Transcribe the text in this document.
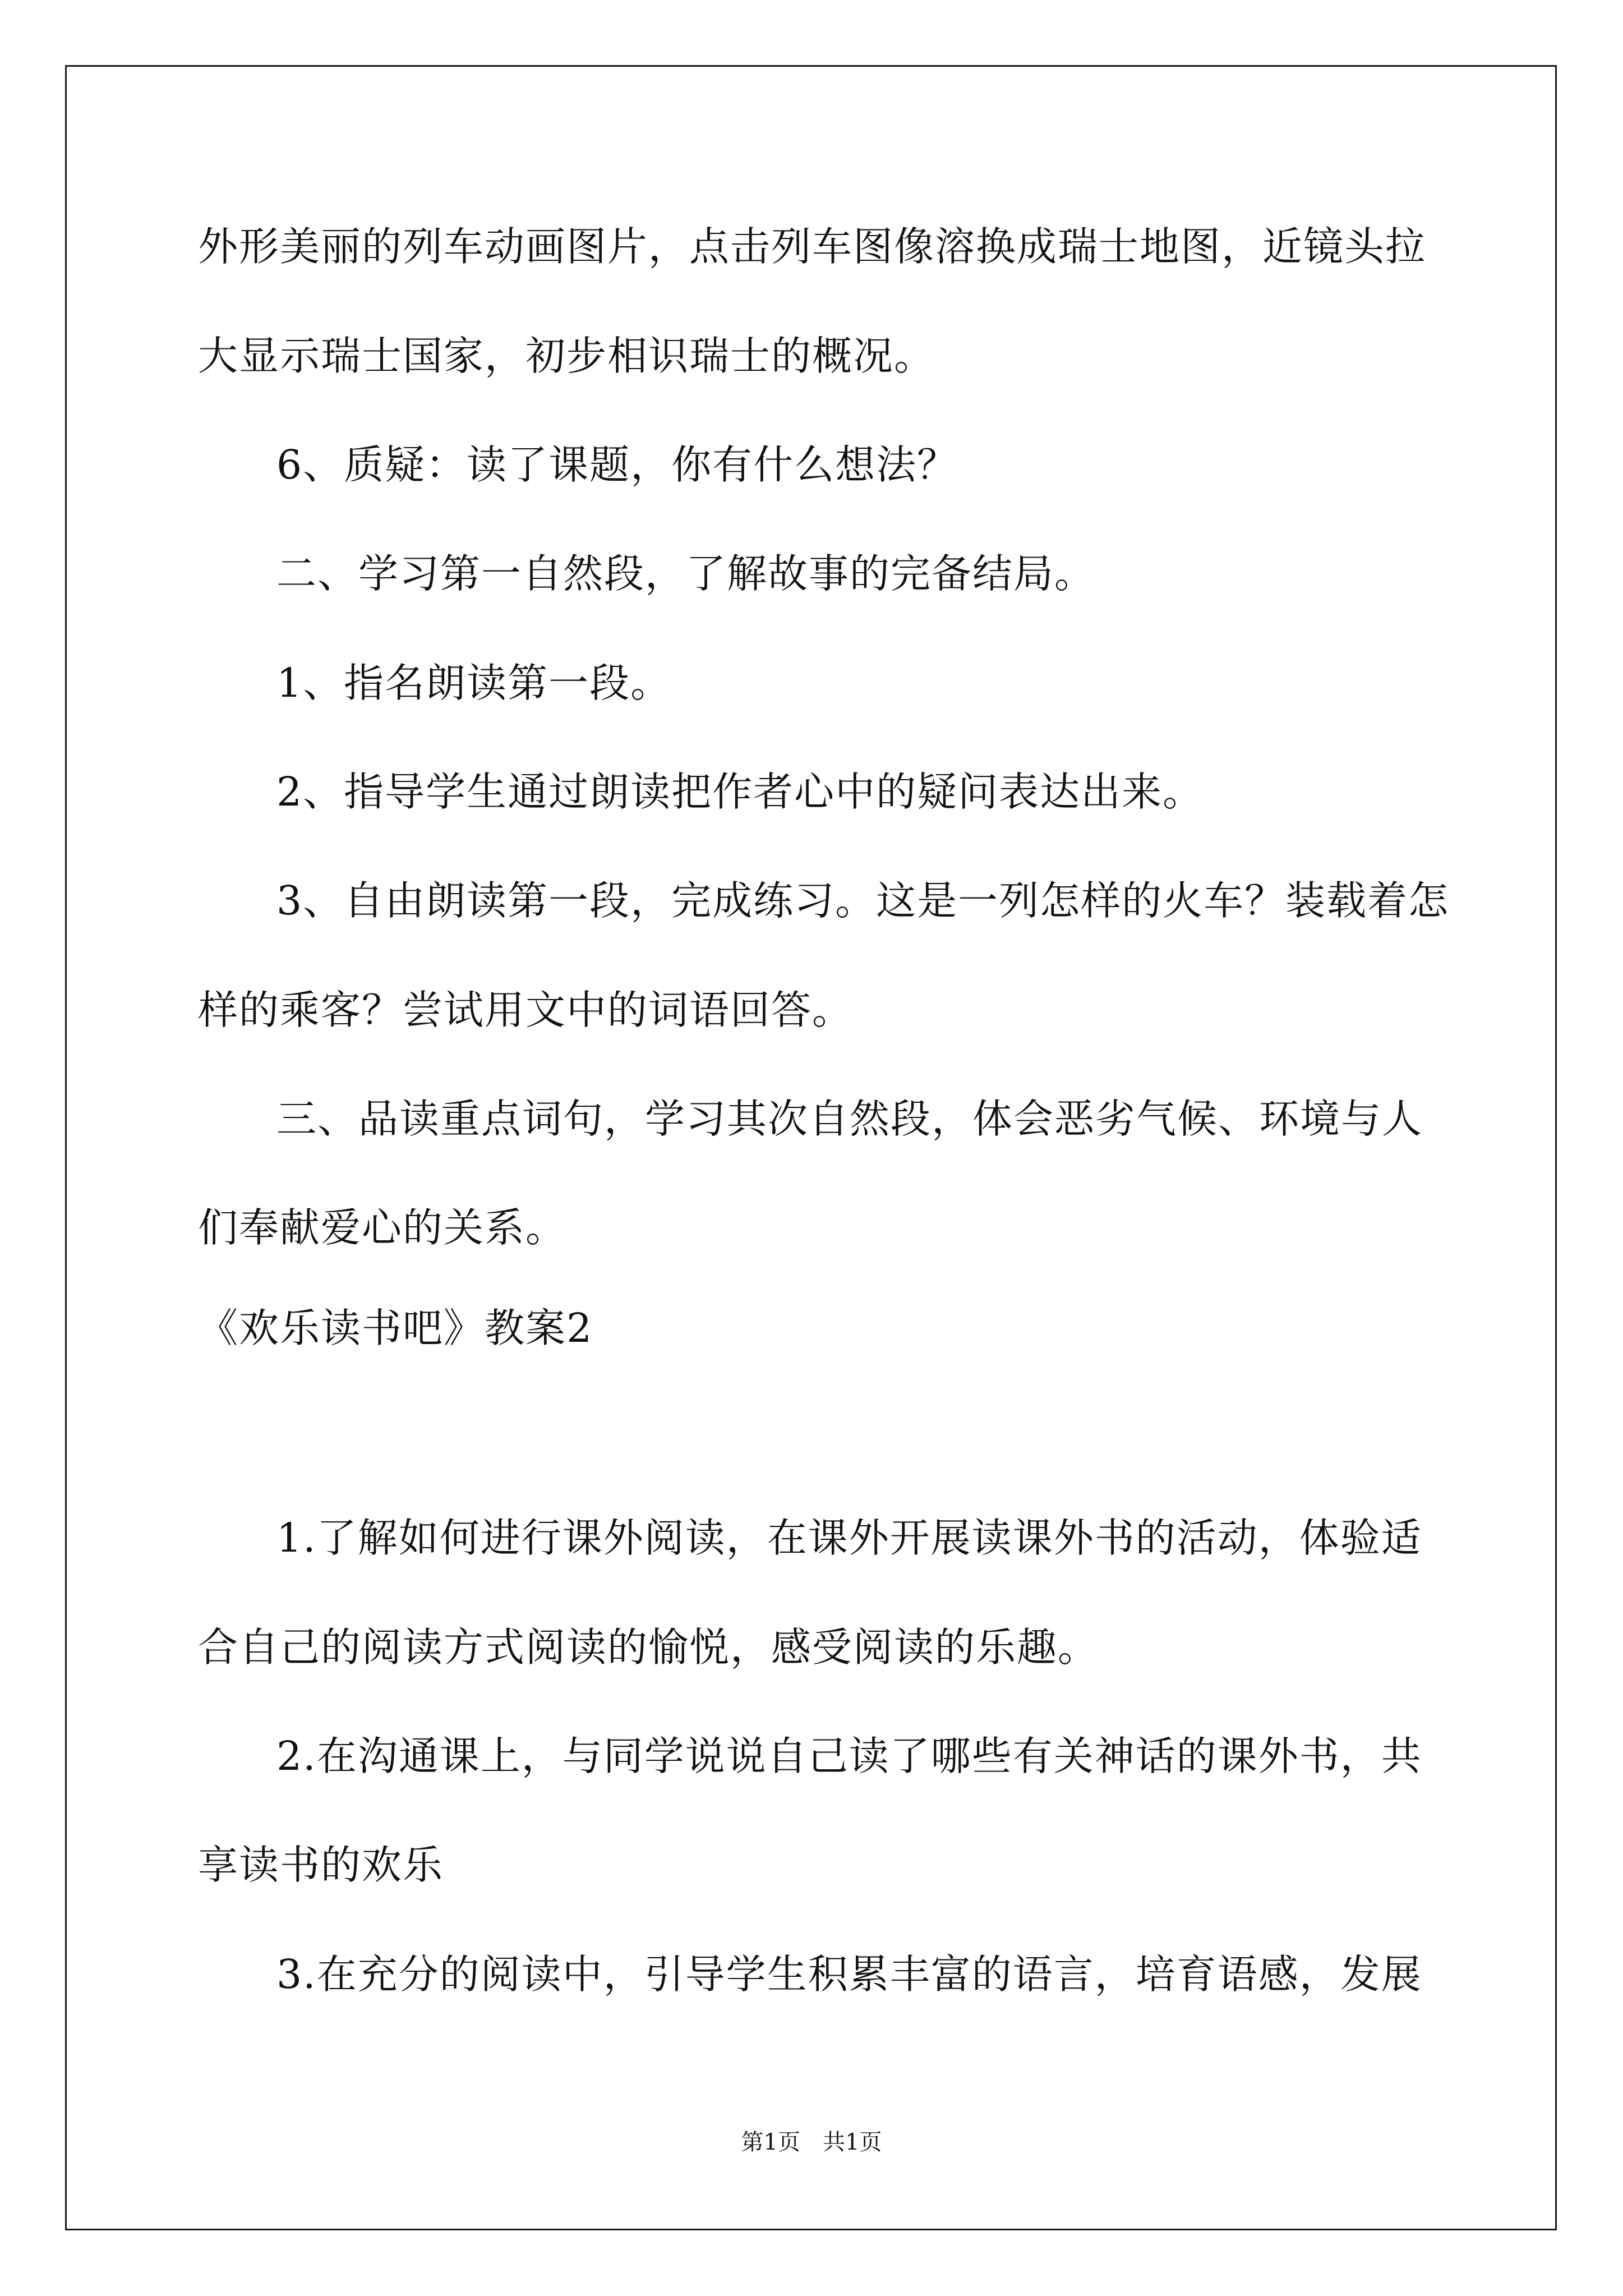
外形美丽的列车动画图片，点击列车图像溶换成瑞士地图，近镜头拉
大显示瑞士国家，初步相识瑞士的概况。
6、质疑：读了课题，你有什么想法？
二、学习第一自然段，了解故事的完备结局。
1、指名朗读第一段。
2、指导学生通过朗读把作者心中的疑问表达出来。
3、自由朗读第一段，完成练习。这是一列怎样的火车？装载着怎
样的乘客？尝试用文中的词语回答。
三、品读重点词句，学习其次自然段，体会恶劣气候、环境与人
们奉献爱心的关系。
《欢乐读书吧》教案2
1.了解如何进行课外阅读，在课外开展读课外书的活动，体验适
合自己的阅读方式阅读的愉悦，感受阅读的乐趣。
2.在沟通课上，与同学说说自己读了哪些有关神话的课外书，共
享读书的欢乐
3.在充分的阅读中，引导学生积累丰富的语言，培育语感，发展
第1页　共1页
